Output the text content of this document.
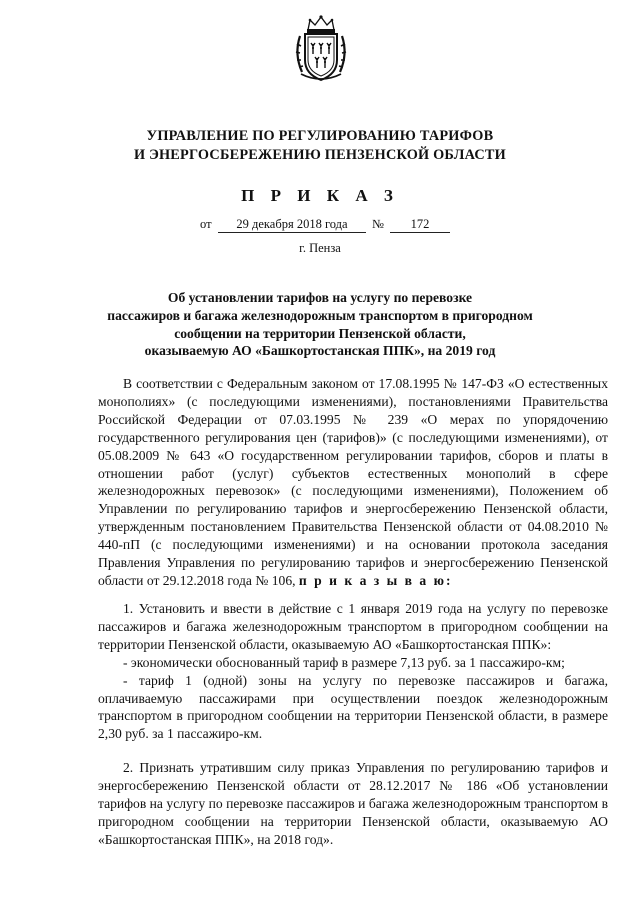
УПРАВЛЕНИЕ ПО РЕГУЛИРОВАНИЮ ТАРИФОВ
И ЭНЕРГОСБЕРЕЖЕНИЮ ПЕНЗЕНСКОЙ ОБЛАСТИ
П Р И К А З
от	29 декабря 2018 года	№	172
г. Пенза
Об установлении тарифов на услугу по перевозке
пассажиров и багажа железнодорожным транспортом в пригородном
сообщении на территории Пензенской области,
оказываемую АО «Башкортостанская ППК», на 2019 год
В соответствии с Федеральным законом от 17.08.1995 № 147-ФЗ «О естественных монополиях» (с последующими изменениями), постановлениями Правительства Российской Федерации от 07.03.1995 № 239 «О мерах по упорядочению государственного регулирования цен (тарифов)» (с последующими изменениями), от 05.08.2009 № 643 «О государственном регулировании тарифов, сборов и платы в отношении работ (услуг) субъектов естественных монополий в сфере железнодорожных перевозок» (с последующими изменениями), Положением об Управлении по регулированию тарифов и энергосбережению Пензенской области, утвержденным постановлением Правительства Пензенской области от 04.08.2010 № 440-пП (с последующими изменениями) и на основании протокола заседания Правления Управления по регулированию тарифов и энергосбережению Пензенской области от 29.12.2018 года № 106, п р и к а з ы в а ю:
1. Установить и ввести в действие с 1 января 2019 года на услугу по перевозке пассажиров и багажа железнодорожным транспортом в пригородном сообщении на территории Пензенской области, оказываемую АО «Башкортостанская ППК»:
- экономически обоснованный тариф в размере 7,13 руб. за 1 пассажиро-км;
- тариф 1 (одной) зоны на услугу по перевозке пассажиров и багажа, оплачиваемую пассажирами при осуществлении поездок железнодорожным транспортом в пригородном сообщении на территории Пензенской области, в размере 2,30 руб. за 1 пассажиро-км.
2. Признать утратившим силу приказ Управления по регулированию тарифов и энергосбережению Пензенской области от 28.12.2017 № 186 «Об установлении тарифов на услугу по перевозке пассажиров и багажа железнодорожным транспортом в пригородном сообщении на территории Пензенской области, оказываемую АО «Башкортостанская ППК», на 2018 год».
